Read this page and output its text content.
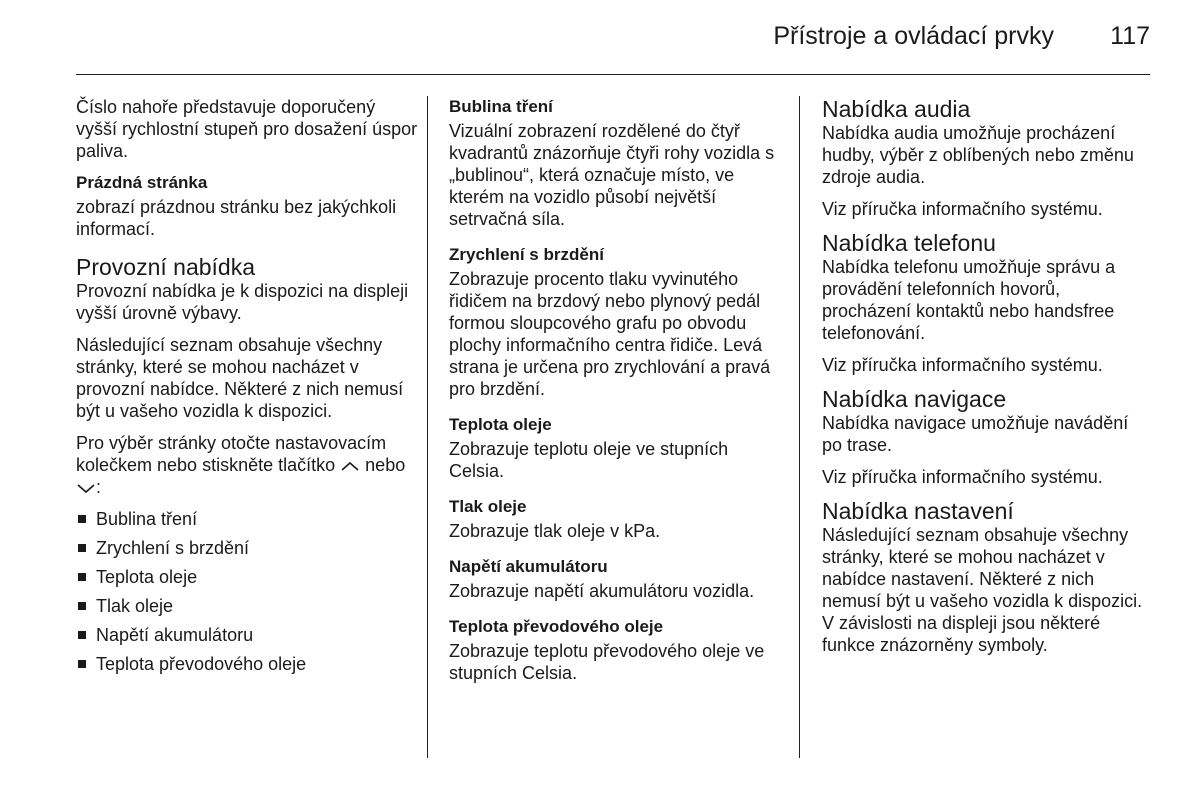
Přístroje a ovládací prvky 117

Číslo nahoře představuje doporučený vyšší rychlostní stupeň pro dosažení úspor paliva.

Prázdná stránka

zobrazí prázdnou stránku bez jakýchkoli informací.

Provozní nabídka

Provozní nabídka je k dispozici na displeji vyšší úrovně výbavy.

Následující seznam obsahuje všechny stránky, které se mohou nacházet v provozní nabídce. Některé z nich nemusí být u vašeho vozidla k dispozici.

Pro výběr stránky otočte nastavovacím kolečkem nebo stiskněte tlačítko nebo :

Bublina tření
Zrychlení s brzdění
Teplota oleje
Tlak oleje
Napětí akumulátoru
Teplota převodového oleje
Bublina tření
Vizuální zobrazení rozdělené do čtyř kvadrantů znázorňuje čtyři rohy vozidla s „bublinou“, která označuje místo, ve kterém na vozidlo působí největší setrvačná síla.
Zrychlení s brzdění
Zobrazuje procento tlaku vyvinutého řidičem na brzdový nebo plynový pedál formou sloupcového grafu po obvodu plochy informačního centra řidiče. Levá strana je určena pro zrychlování a pravá pro brzdění.
Teplota oleje
Zobrazuje teplotu oleje ve stupních Celsia.
Tlak oleje
Zobrazuje tlak oleje v kPa.
Napětí akumulátoru
Zobrazuje napětí akumulátoru vozidla.
Teplota převodového oleje
Zobrazuje teplotu převodového oleje ve stupních Celsia.
Nabídka audia

Nabídka audia umožňuje procházení hudby, výběr z oblíbených nebo změnu zdroje audia.

Viz příručka informačního systému.

Nabídka telefonu

Nabídka telefonu umožňuje správu a provádění telefonních hovorů, procházení kontaktů nebo handsfree telefonování.

Viz příručka informačního systému.

Nabídka navigace

Nabídka navigace umožňuje navádění po trase.

Viz příručka informačního systému.

Nabídka nastavení

Následující seznam obsahuje všechny stránky, které se mohou nacházet v nabídce nastavení. Některé z nich nemusí být u vašeho vozidla k dispozici. V závislosti na displeji jsou některé funkce znázorněny symboly.
